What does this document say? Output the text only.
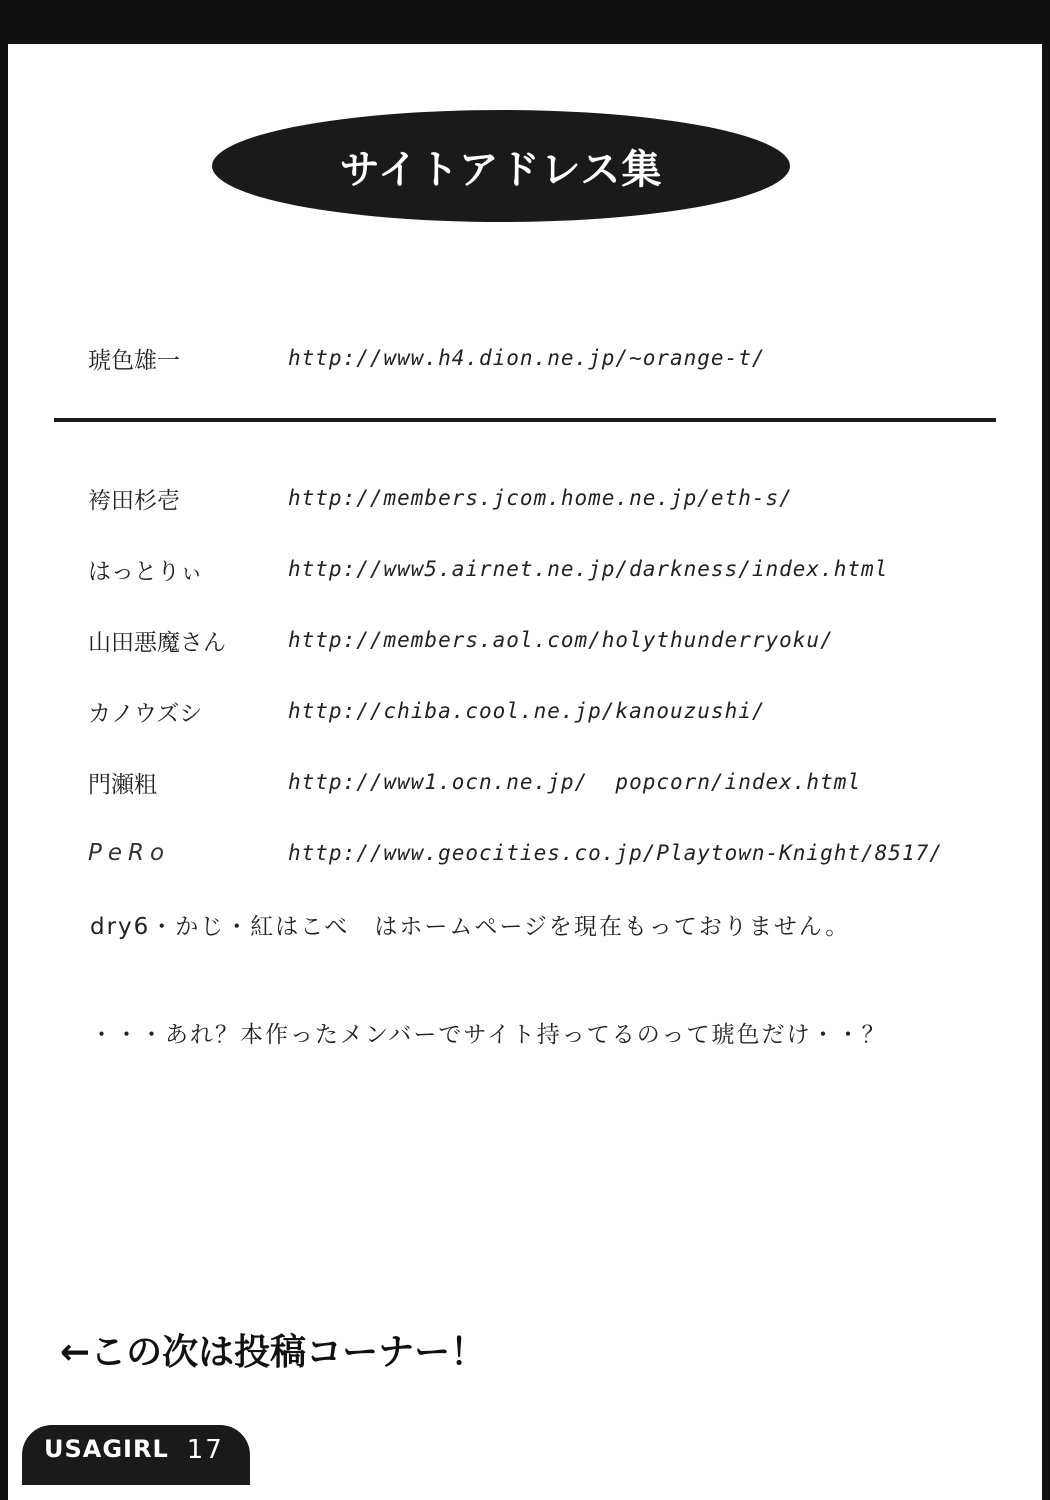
サイトアドレス集
琥色雄一	http://www.h4.dion.ne.jp/~orange-t/
袴田杉壱	http://members.jcom.home.ne.jp/eth-s/
はっとりぃ	http://www5.airnet.ne.jp/darkness/index.html
山田悪魔さん	http://members.aol.com/holythunderryoku/
カノウズシ	http://chiba.cool.ne.jp/kanouzushi/
門瀬粗	http://www1.ocn.ne.jp/  popcorn/index.html
PeRo	http://www.geocities.co.jp/Playtown-Knight/8517/
dry6・かじ・紅はこべ　はホームページを現在もっておりません。
・・・あれ？本作ったメンバーでサイト持ってるのって琥色だけ・・？
←この次は投稿コーナー！
USAGIRL 17
